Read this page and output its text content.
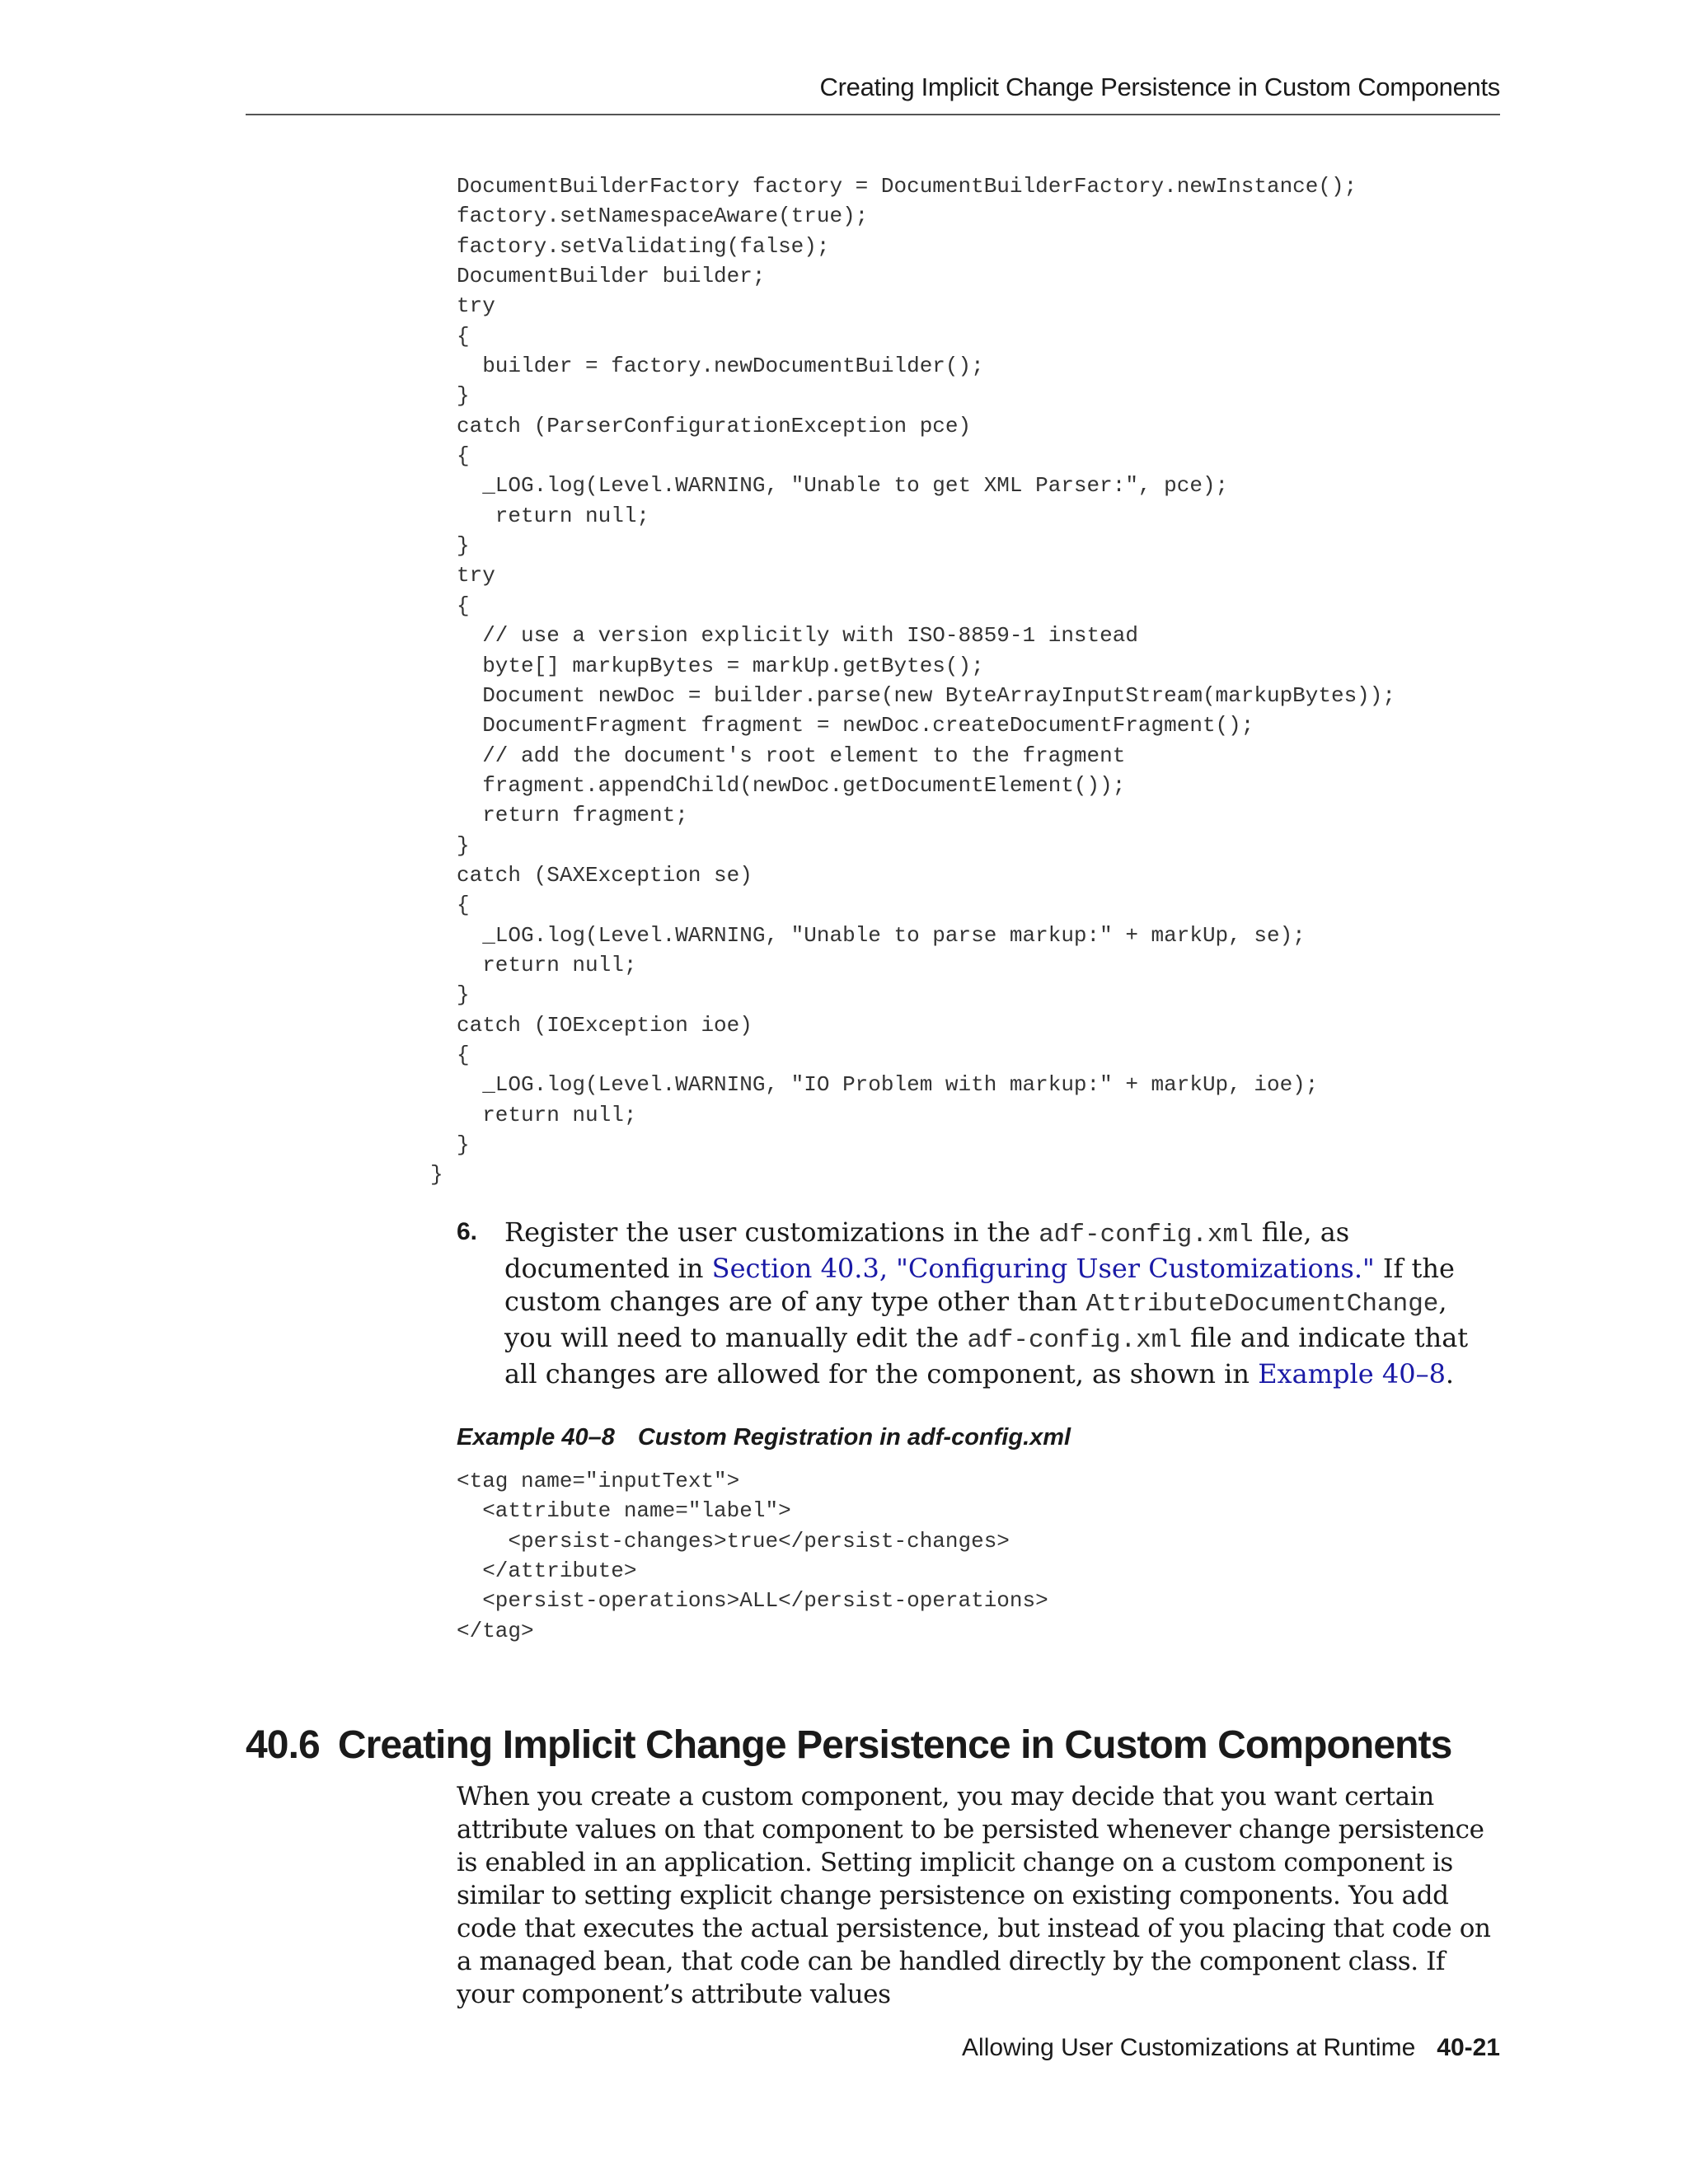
Creating Implicit Change Persistence in Custom Components
DocumentBuilderFactory factory = DocumentBuilderFactory.newInstance();
factory.setNamespaceAware(true);
factory.setValidating(false);
DocumentBuilder builder;
try
{
builder = factory.newDocumentBuilder();
}
catch (ParserConfigurationException pce)
{
_LOG.log(Level.WARNING, "Unable to get XML Parser:", pce);
return null;
}
try
{
// use a version explicitly with ISO-8859-1 instead
byte[] markupBytes = markUp.getBytes();
Document newDoc = builder.parse(new ByteArrayInputStream(markupBytes));
DocumentFragment fragment = newDoc.createDocumentFragment();
// add the document's root element to the fragment
fragment.appendChild(newDoc.getDocumentElement());
return fragment;
}
catch (SAXException se)
{
_LOG.log(Level.WARNING, "Unable to parse markup:" + markUp, se);
return null;
}
catch (IOException ioe)
{
_LOG.log(Level.WARNING, "IO Problem with markup:" + markUp, ioe);
return null;
}
}
6. Register the user customizations in the adf-config.xml file, as documented in Section 40.3, "Configuring User Customizations." If the custom changes are of any type other than AttributeDocumentChange, you will need to manually edit the adf-config.xml file and indicate that all changes are allowed for the component, as shown in Example 40–8.
Example 40–8 Custom Registration in adf-config.xml
<tag name="inputText">
<attribute name="label">
<persist-changes>true</persist-changes>
</attribute>
<persist-operations>ALL</persist-operations>
</tag>
40.6 Creating Implicit Change Persistence in Custom Components

When you create a custom component, you may decide that you want certain attribute values on that component to be persisted whenever change persistence is enabled in an application. Setting implicit change on a custom component is similar to setting explicit change persistence on existing components. You add code that executes the actual persistence, but instead of you placing that code on a managed bean, that code can be handled directly by the component class. If your component’s attribute values

Allowing User Customizations at Runtime 40-21
